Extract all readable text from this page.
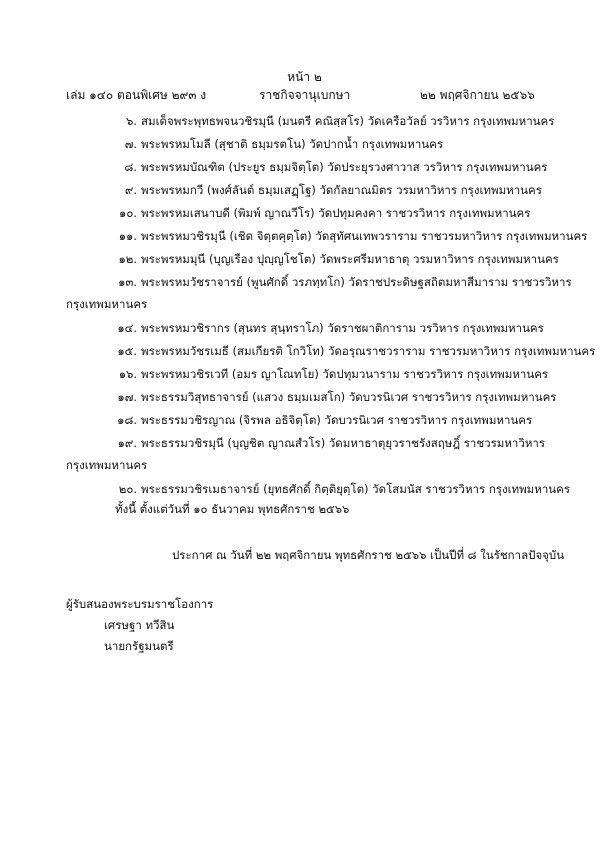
หน้า ๒
เล่ม ๑๔๐ ตอนพิเศษ ๒๙๓ ง	ราชกิจจานุเบกษา	๒๒ พฤศจิกายน ๒๕๖๖
๖. สมเด็จพระพุทธพจนวชิรมุนี (มนตรี คณิสฺสโร) วัดเครือวัลย์ วรวิหาร กรุงเทพมหานคร
๗. พระพรหมโมลี (สุชาติ ธมฺมรตโน) วัดปากน้ำ กรุงเทพมหานคร
๘. พระพรหมบัณฑิต (ประยูร ธมฺมจิตฺโต) วัดประยุรวงศาวาส วรวิหาร กรุงเทพมหานคร
๙. พระพรหมกวี (พงศ์ลันต์ ธมฺมเสฏฺโฐ) วัดกัลยาณมิตร วรมหาวิหาร กรุงเทพมหานคร
๑๐. พระพรหมเสนาบดี (พิมพ์ ญาณวีโร) วัดปทุมคงคา ราชวรวิหาร กรุงเทพมหานคร
๑๑. พระพรหมวชิรมุนี (เชิด จิตฺตคุตฺโต) วัดสุทัศนเทพวราราม ราชวรมหาวิหาร กรุงเทพมหานคร
๑๒. พระพรหมมุนี (บุญเรือง ปุญฺญโชโต) วัดพระศรีมหาธาตุ วรมหาวิหาร กรุงเทพมหานคร
๑๓. พระพรหมวัชราจารย์ (พูนศักดิ์ วรภทฺทโก) วัดราชประดิษฐสถิตมหาสีมาราม ราชวรวิหาร
กรุงเทพมหานคร
๑๔. พระพรหมวชิรากร (สุนทร สุนฺทราโภ) วัดราชผาติการาม วรวิหาร กรุงเทพมหานคร
๑๕. พระพรหมวัชรเมธี (สมเกียรติ โกวิโท) วัดอรุณราชวราราม ราชวรมหาวิหาร กรุงเทพมหานคร
๑๖. พระพรหมวชิรเวที (อมร ญาโณทโย) วัดปทุมวนาราม ราชวรวิหาร กรุงเทพมหานคร
๑๗. พระธรรมวิสุทธาจารย์ (แสวง ธมฺมเมสโก) วัดบวรนิเวศ ราชวรวิหาร กรุงเทพมหานคร
๑๘. พระธรรมวชิรญาณ (จิรพล อธิจิตฺโต) วัดบวรนิเวศ ราชวรวิหาร กรุงเทพมหานคร
๑๙. พระธรรมวชิรมุนี (บุญชิต ญาณสํวโร) วัดมหาธาตุยุวราชรังสฤษฎิ์ ราชวรมหาวิหาร
กรุงเทพมหานคร
๒๐. พระธรรมวชิรเมธาจารย์ (ยุทธศักดิ์ กิตฺติยุตฺโต) วัดโสมนัส ราชวรวิหาร กรุงเทพมหานคร
ทั้งนี้ ตั้งแต่วันที่ ๑๐ ธันวาคม พุทธศักราช ๒๕๖๖
ประกาศ ณ วันที่ ๒๒ พฤศจิกายน พุทธศักราช ๒๕๖๖ เป็นปีที่ ๘ ในรัชกาลปัจจุบัน
ผู้รับสนองพระบรมราชโองการ
เศรษฐา ทวีสิน
นายกรัฐมนตรี
